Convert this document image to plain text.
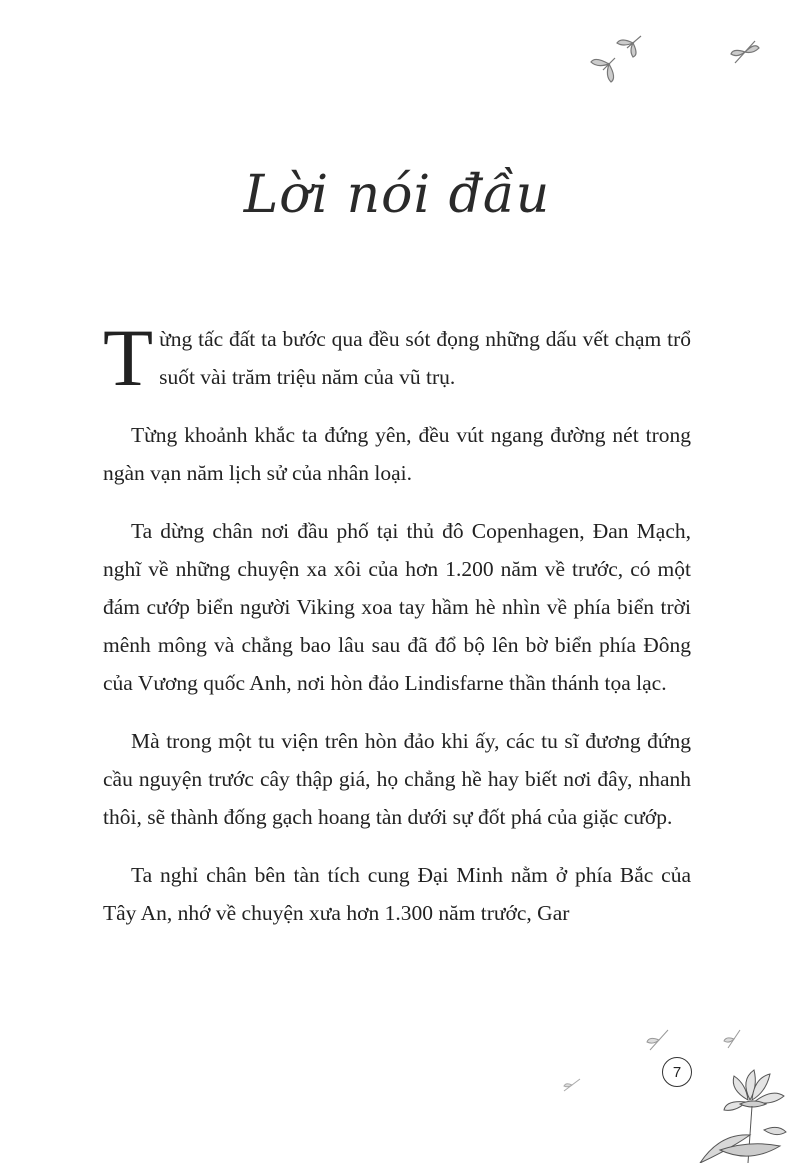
Lời nói đầu

Từng tấc đất ta bước qua đều sót đọng những dấu vết chạm trổ suốt vài trăm triệu năm của vũ trụ.

Từng khoảnh khắc ta đứng yên, đều vút ngang đường nét trong ngàn vạn năm lịch sử của nhân loại.

Ta dừng chân nơi đầu phố tại thủ đô Copenhagen, Đan Mạch, nghĩ về những chuyện xa xôi của hơn 1.200 năm về trước, có một đám cướp biển người Viking xoa tay hầm hè nhìn về phía biển trời mênh mông và chẳng bao lâu sau đã đổ bộ lên bờ biển phía Đông của Vương quốc Anh, nơi hòn đảo Lindisfarne thần thánh tọa lạc.

Mà trong một tu viện trên hòn đảo khi ấy, các tu sĩ đương đứng cầu nguyện trước cây thập giá, họ chẳng hề hay biết nơi đây, nhanh thôi, sẽ thành đống gạch hoang tàn dưới sự đốt phá của giặc cướp.

Ta nghỉ chân bên tàn tích cung Đại Minh nằm ở phía Bắc của Tây An, nhớ về chuyện xưa hơn 1.300 năm trước, Gar

7
